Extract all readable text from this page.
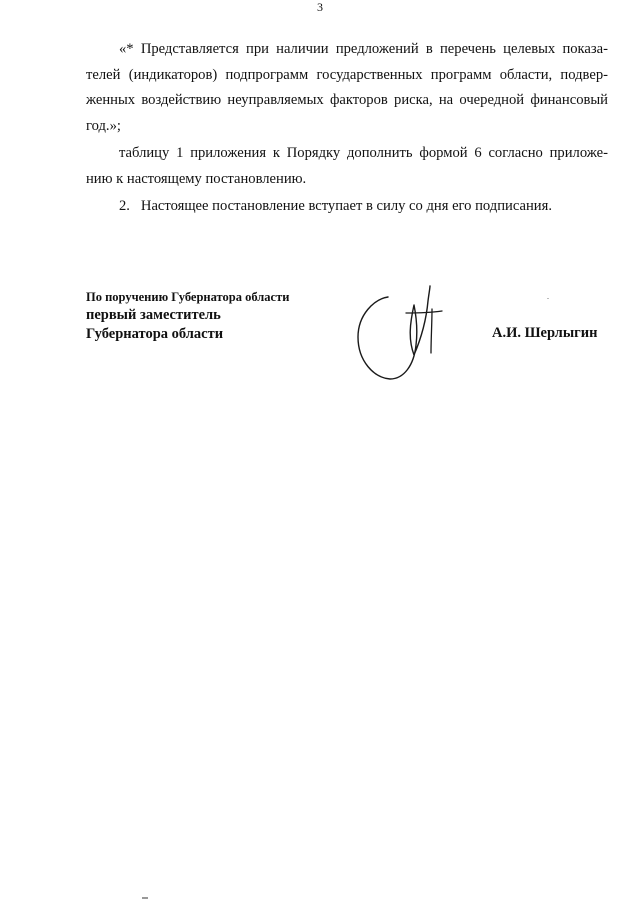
3
«* Представляется при наличии предложений в перечень целевых показа-
телей (индикаторов) подпрограмм государственных программ области, подвер-
женных воздействию неуправляемых факторов риска, на очередной финансовый
год.»;
таблицу 1 приложения к Порядку дополнить формой 6 согласно приложе-
нию к настоящему постановлению.
2. Настоящее постановление вступает в силу со дня его подписания.
По поручению Губернатора области
первый заместитель
Губернатора области	А.И. Шерлыгин
